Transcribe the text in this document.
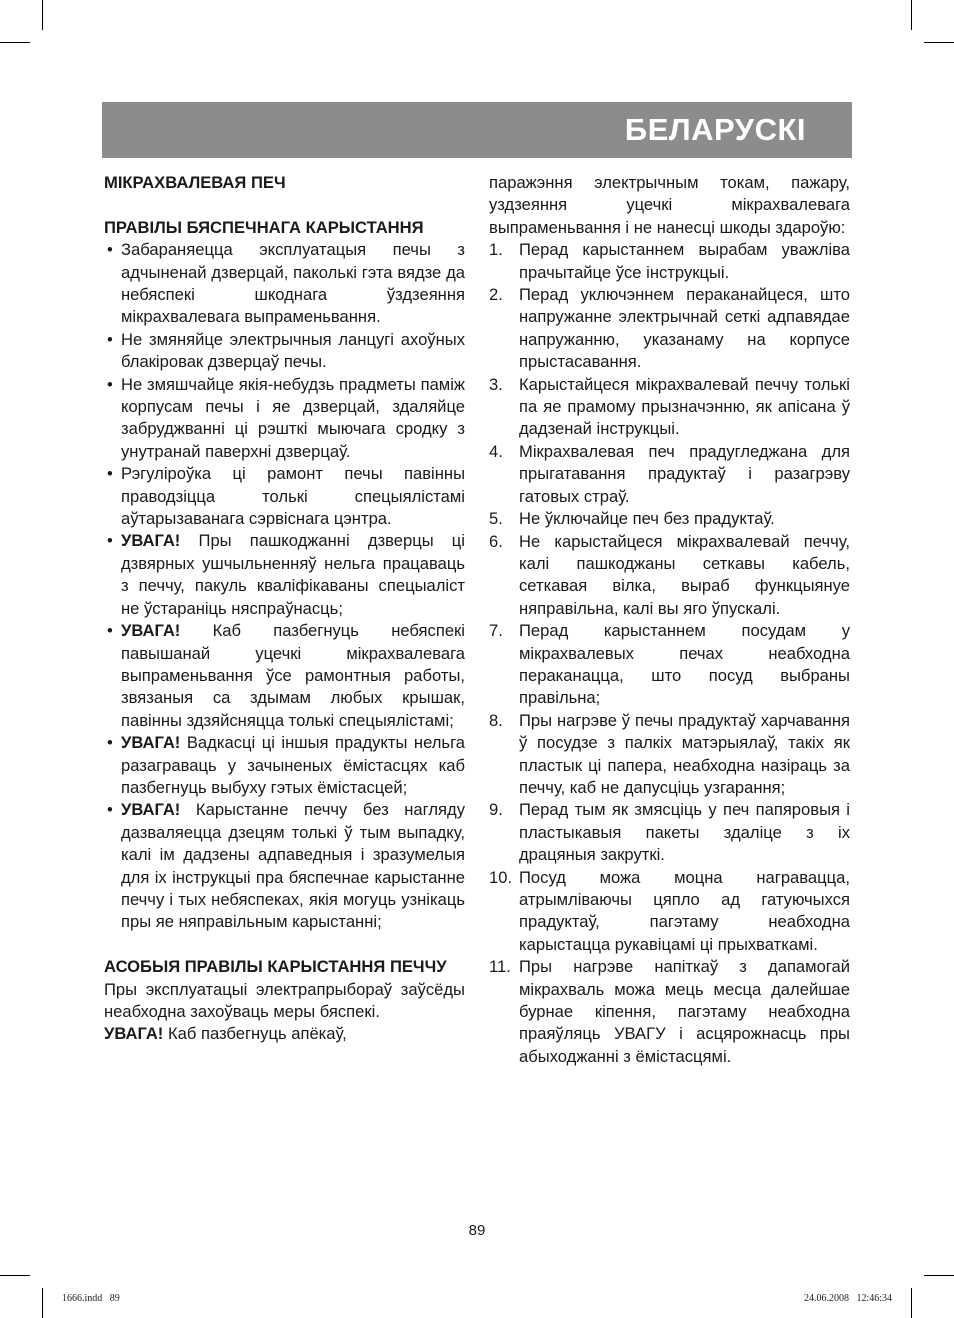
БЕЛАРУСКІ
МІКРАХВАЛЕВАЯ ПЕЧ
ПРАВІЛЫ БЯСПЕЧНАГА КАРЫСТАННЯ
• Забараняецца эксплуатацыя печы з адчыненай дзверцай, паколькі гэта вядзе да небяспекі шкоднага ўздзеяння мікрахвалевага выпраменьвання.
• Не змяняйце электрычныя ланцугі ахоўных блакіровак дзверцаў печы.
• Не змяшчайце якія-небудзь прадметы паміж корпусам печы і яе дзверцай, здаляйце забруджванні ці рэшткі мыючага сродку з унутранай паверхні дзверцаў.
• Рэгуліроўка ці рамонт печы павінны праводзіцца толькі спецыялістамі аўтарызаванага сэрвіснага цэнтра.
• УВАГА! Пры пашкоджанні дзверцы ці дзвярных ушчыльненняў нельга працаваць з печчу, пакуль кваліфікаваны спецыаліст не ўстараніць няспраўнасць;
• УВАГА! Каб пазбегнуць небяспекі павышанай уцечкі мікрахвалевага выпраменьвання ўсе рамонтныя работы, звязаныя са здымам любых крышак, павінны здзяйсняцца толькі спецыялістамі;
• УВАГА! Вадкасці ці іншыя прадукты нельга разаграваць у зачыненых ёмістасцях каб пазбегнуць выбуху гэтых ёмістасцей;
• УВАГА! Карыстанне печчу без нагляду дазваляецца дзецям толькі ў тым выпадку, калі ім дадзены адпаведныя і зразумелыя для іх інструкцыі пра бяспечнае карыстанне печчу і тых небяспеках, якія могуць узнікаць пры яе няправільным карыстанні;
АСОБЫЯ ПРАВІЛЫ КАРЫСТАННЯ ПЕЧЧУ

Пры эксплуатацыі электрапрыбораў заўсёды неабходна захоўваць меры бяспекі.

УВАГА! Каб пазбегнуць апёкаў,

паражэння электрычным токам, пажару, уздзеяння уцечкі мікрахвалевага выпраменьвання і не нанесці шкоды здароўю:

1. Перад карыстаннем вырабам уважліва прачытайце ўсе інструкцыі.
2. Перад уключэннем пераканайцеся, што напружанне электрычнай сеткі адпавядае напружанню, указанаму на корпусе прыстасавання.
3. Карыстайцеся мікрахвалевай печчу толькі па яе прамому прызначэнню, як апісана ў дадзенай інструкцыі.
4. Мікрахвалевая печ прадугледжана для прыгатавання прадуктаў і разагрэву гатовых страў.
5. Не ўключайце печ без прадуктаў.
6. Не карыстайцеся мікрахвалевай печчу, калі пашкоджаны сеткавы кабель, сеткавая вілка, выраб функцыянуе няправільна, калі вы яго ўпускалі.
7. Перад карыстаннем посудам у мікрахвалевых печах неабходна пераканацца, што посуд выбраны правільна;
8. Пры нагрэве ў печы прадуктаў харчавання ў посудзе з палкіх матэрыялаў, такіх як пластык ці папера, неабходна назіраць за печчу, каб не дапусціць узгарання;
9. Перад тым як змясціць у печ папяровыя і пластыкавыя пакеты здаліце з іх драцяныя закруткі.
10. Посуд можа моцна награвацца, атрымліваючы цяпло ад гатуючыхся прадуктаў, пагэтаму неабходна карыстацца рукавіцамі ці прыхваткамі.
11. Пры нагрэве напіткаў з дапамогай мікрахваль можа мець месца далейшае бурнае кіпення, пагэтаму неабходна праяўляць УВАГУ і асцярожнасць пры абыходжанні з ёмістасцямі.
89
1666.indd   89	24.06.2008   12:46:34
